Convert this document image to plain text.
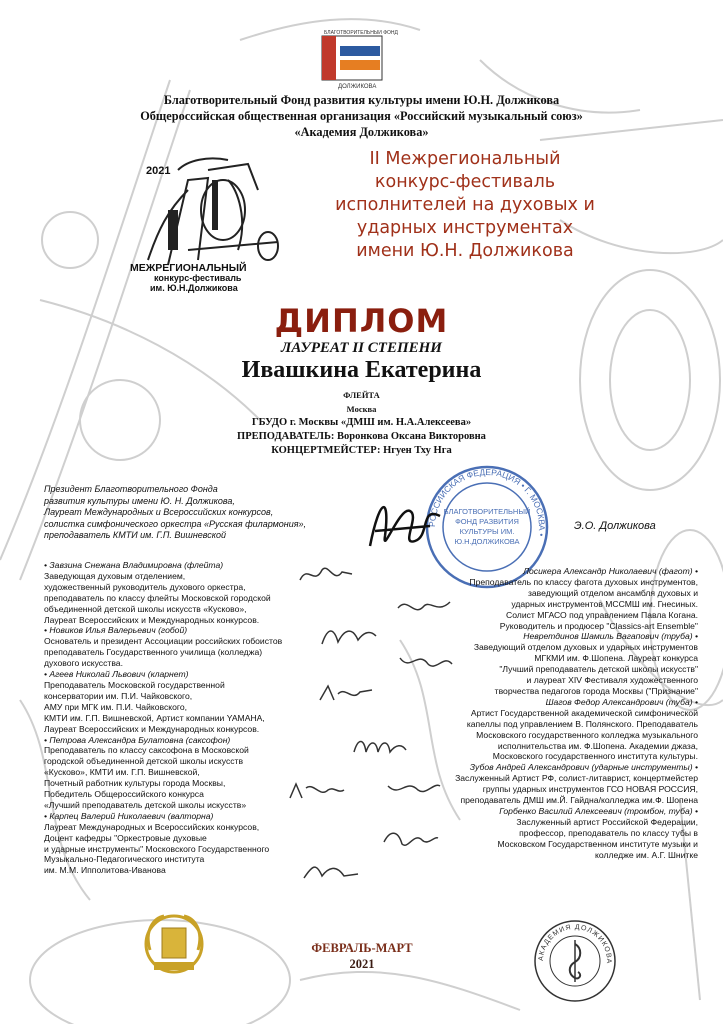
БЛАГОТВОРИТЕЛЬНЫЙ ФОНД
ДОЛЖИКОВА
Благотворительный Фонд развития культуры имени Ю.Н. Должикова
Общероссийская общественная организация «Российский музыкальный союз»
«Академия Должикова»
2021
МЕЖРЕГИОНАЛЬНЫЙ
конкурс-фестиваль
им. Ю.Н.Должикова
II Межрегиональный
конкурс-фестиваль
исполнителей на духовых и
ударных инструментах
имени Ю.Н. Должикова
ДИПЛОМ
ЛАУРЕАТ II СТЕПЕНИ
Ивашкина Екатерина
ФЛЕЙТА
Москва
ГБУДО г. Москвы «ДМШ им. Н.А.Алексеева»
ПРЕПОДАВАТЕЛЬ: Воронкова Оксана Викторовна
КОНЦЕРТМЕЙСТЕР: Нгуен Тху Нга
Президент Благотворительного Фонда
развития культуры имени Ю. Н. Должикова,
Лауреат Международных и Всероссийских конкурсов,
солистка симфонического оркестра «Русская филармония»,
преподаватель КМТИ им. Г.П. Вишневской
РОССИЙСКАЯ ФЕДЕРАЦИЯ • Г. МОСКВА •
БЛАГОТВОРИТЕЛЬНЫЙ
ФОНД РАЗВИТИЯ
КУЛЬТУРЫ ИМ.
Ю.Н.ДОЛЖИКОВА
Э.О. Должикова
• Завзина Снежана Владимировна (флейта)
Заведующая духовым отделением,
художественный руководитель духового оркестра,
преподаватель по классу флейты Московской городской
объединенной детской школы искусств «Кусково»,
Лауреат Всероссийских и Международных конкурсов.
• Новиков Илья Валерьевич (гобой)
Основатель и президент Ассоциации российских гобоистов
преподаватель Государственного училища (колледжа)
духового искусства.
• Агеев Николай Львович (кларнет)
Преподаватель Московской государственной
консерватории им. П.И. Чайковского,
АМУ при МГК им. П.И. Чайковского,
КМТИ им. Г.П. Вишневской, Артист компании YAMAHA,
Лауреат Всероссийских и Международных конкурсов.
• Петрова Александра Булатовна (саксофон)
Преподаватель по классу саксофона в Московской
городской объединенной детской школы искусств
«Кусково», КМТИ им. Г.П. Вишневской,
Почетный работник культуры города Москвы,
Победитель Общероссийского конкурса
«Лучший преподаватель детской школы искусств»
• Карпец Валерий Николаевич (валторна)
Лауреат Международных и Всероссийских конкурсов,
Доцент кафедры "Оркестровые духовые
и ударные инструменты" Московского Государственного
Музыкально-Педагогического института
им. М.М. Ипполитова-Иванова
Лосикера Александр Николаевич (фагот) •
Преподаватель по классу фагота духовых инструментов,
заведующий отделом ансамбля духовых и
ударных инструментов МССМШ им. Гнесиных.
Солист МГАСО под управлением Павла Когана.
Руководитель и продюсер "Classics-art Ensemble"
Невретдинов Шамиль Вагапович (труба) •
Заведующий отделом духовых и ударных инструментов
МГКМИ им. Ф.Шопена. Лауреат конкурса
"Лучший преподаватель детской школы искусств"
и лауреат XIV Фестиваля художественного
творчества педагогов города Москвы ("Признание"
Шагов Федор Александрович (туба) •
Артист Государственной академической симфонической
капеллы под управлением В. Полянского. Преподаватель
Московского государственного колледжа музыкального
исполнительства им. Ф.Шопена. Академии джаза,
Московского государственного института культуры.
Зубов Андрей Александрович (ударные инструменты) •
Заслуженный Артист РФ, солист-литаврист, концертмейстер
группы ударных инструментов ГСО НОВАЯ РОССИЯ,
преподаватель ДМШ им.Й. Гайдна/колледжа им.Ф. Шопена
Горбенко Василий Алексеевич (тромбон, туба) •
Заслуженный артист Российской Федерации,
профессор, преподаватель по классу тубы в
Московском Государственном институте музыки и
колледже им. А.Г. Шнитке
ФЕВРАЛЬ-МАРТ
2021	АКАДЕМИЯ ДОЛЖИКОВА
